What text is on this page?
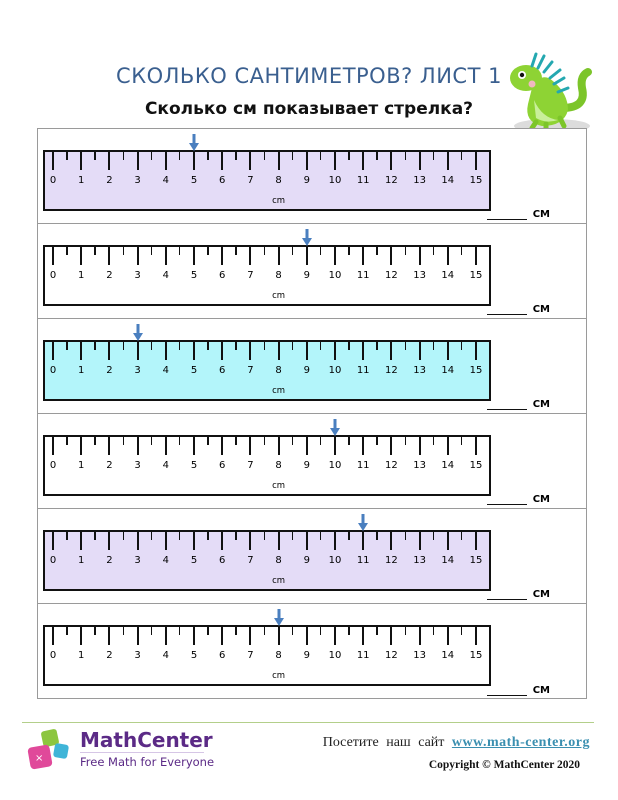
СКОЛЬКО САНТИМЕТРОВ? ЛИСТ 1
Сколько см показывает стрелка?
0	1	2	3	4	5	6	7	8	9	10	11	12	13	14	15
cm
CM
0	1	2	3	4	5	6	7	8	9	10	11	12	13	14	15
cm
CM
0	1	2	3	4	5	6	7	8	9	10	11	12	13	14	15
cm
CM
0	1	2	3	4	5	6	7	8	9	10	11	12	13	14	15
cm
CM
0	1	2	3	4	5	6	7	8	9	10	11	12	13	14	15
cm
CM
0	1	2	3	4	5	6	7	8	9	10	11	12	13	14	15
cm
CM
×
MathCenter
Free Math for Everyone
Посетите наш сайт www.math-center.org
Copyright © MathCenter 2020
